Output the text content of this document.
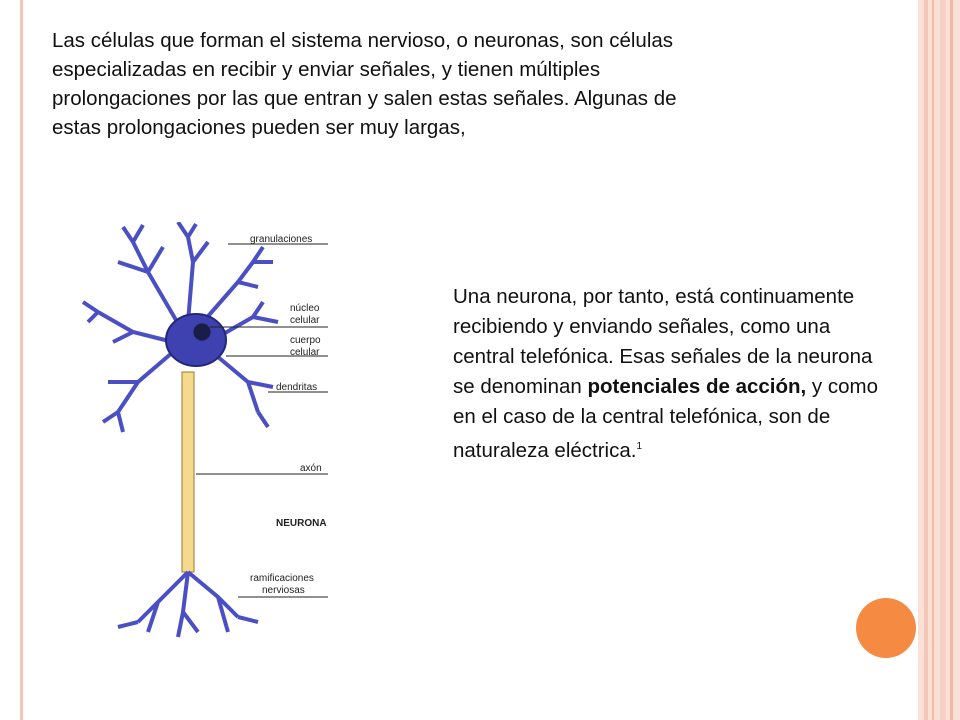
Las células que forman el sistema nervioso, o neuronas, son células especializadas en recibir y enviar señales, y tienen múltiples prolongaciones por las que entran y salen estas señales. Algunas de estas prolongaciones pueden ser muy largas,

granulaciones
núcleo
celular
cuerpo
celular
dendritas
axón
NEURONA
ramificaciones
nerviosas

Una neurona, por tanto, está continuamente recibiendo y enviando señales, como una central telefónica. Esas señales de la neurona se denominan potenciales de acción, y como en el caso de la central telefónica, son de naturaleza eléctrica.$^1$
